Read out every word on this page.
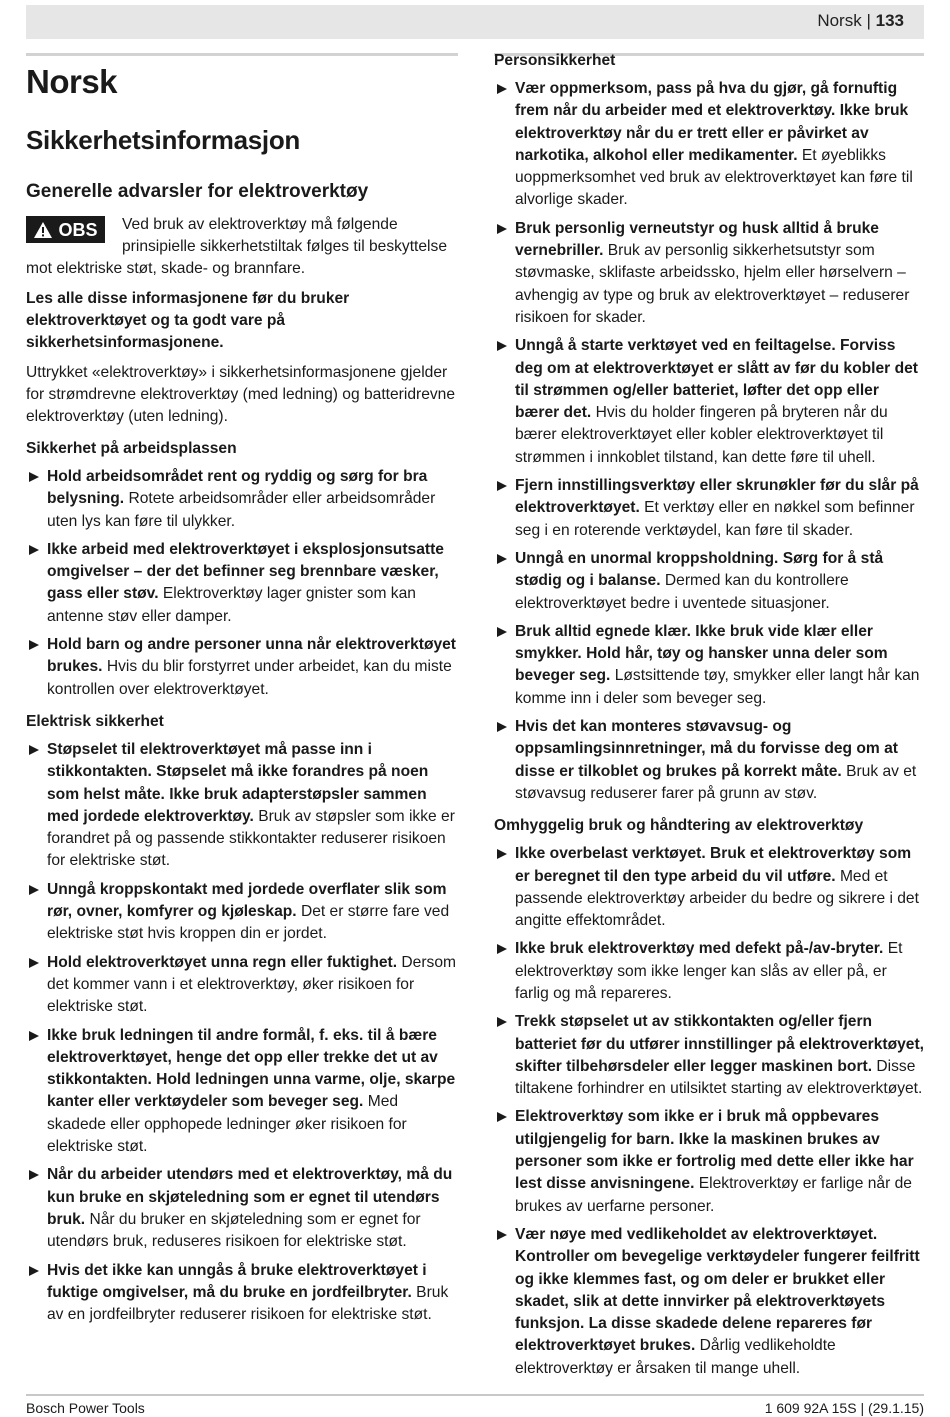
Norsk | 133
Norsk
Sikkerhetsinformasjon
Generelle advarsler for elektroverktøy
OBS Ved bruk av elektroverktøy må følgende prinsipielle sikkerhetstiltak følges til beskyttelse mot elektriske støt, skade- og brannfare.

Les alle disse informasjonene før du bruker elektroverktøyet og ta godt vare på sikkerhetsinformasjonene.

Uttrykket «elektroverktøy» i sikkerhetsinformasjonene gjelder for strømdrevne elektroverktøy (med ledning) og batteridrevne elektroverktøy (uten ledning).

Sikkerhet på arbeidsplassen
Hold arbeidsområdet rent og ryddig og sørg for bra belysning. Rotete arbeidsområder eller arbeidsområder uten lys kan føre til ulykker.
Ikke arbeid med elektroverktøyet i eksplosjonsutsatte omgivelser – der det befinner seg brennbare væsker, gass eller støv. Elektroverktøy lager gnister som kan antenne støv eller damper.
Hold barn og andre personer unna når elektroverktøyet brukes. Hvis du blir forstyrret under arbeidet, kan du miste kontrollen over elektroverktøyet.
Elektrisk sikkerhet
Støpselet til elektroverktøyet må passe inn i stikkontakten. Støpselet må ikke forandres på noen som helst måte. Ikke bruk adapterstøpsler sammen med jordede elektroverktøy. Bruk av støpsler som ikke er forandret på og passende stikkontakter reduserer risikoen for elektriske støt.
Unngå kroppskontakt med jordede overflater slik som rør, ovner, komfyrer og kjøleskap. Det er større fare ved elektriske støt hvis kroppen din er jordet.
Hold elektroverktøyet unna regn eller fuktighet. Dersom det kommer vann i et elektroverktøy, øker risikoen for elektriske støt.
Ikke bruk ledningen til andre formål, f. eks. til å bære elektroverktøyet, henge det opp eller trekke det ut av stikkontakten. Hold ledningen unna varme, olje, skarpe kanter eller verktøydeler som beveger seg. Med skadede eller opphopede ledninger øker risikoen for elektriske støt.
Når du arbeider utendørs med et elektroverktøy, må du kun bruke en skjøteledning som er egnet til utendørs bruk. Når du bruker en skjøteledning som er egnet for utendørs bruk, reduseres risikoen for elektriske støt.
Hvis det ikke kan unngås å bruke elektroverktøyet i fuktige omgivelser, må du bruke en jordfeilbryter. Bruk av en jordfeilbryter reduserer risikoen for elektriske støt.
Personsikkerhet
Vær oppmerksom, pass på hva du gjør, gå fornuftig frem når du arbeider med et elektroverktøy. Ikke bruk elektroverktøy når du er trett eller er påvirket av narkotika, alkohol eller medikamenter. Et øyeblikks uoppmerksomhet ved bruk av elektroverktøyet kan føre til alvorlige skader.
Bruk personlig verneutstyr og husk alltid å bruke vernebriller. Bruk av personlig sikkerhetsutstyr som støvmaske, sklifaste arbeidssko, hjelm eller hørselvern – avhengig av type og bruk av elektroverktøyet – reduserer risikoen for skader.
Unngå å starte verktøyet ved en feiltagelse. Forviss deg om at elektroverktøyet er slått av før du kobler det til strømmen og/eller batteriet, løfter det opp eller bærer det. Hvis du holder fingeren på bryteren når du bærer elektroverktøyet eller kobler elektroverktøyet til strømmen i innkoblet tilstand, kan dette føre til uhell.
Fjern innstillingsverktøy eller skrunøkler før du slår på elektroverktøyet. Et verktøy eller en nøkkel som befinner seg i en roterende verktøydel, kan føre til skader.
Unngå en unormal kroppsholdning. Sørg for å stå stødig og i balanse. Dermed kan du kontrollere elektroverktøyet bedre i uventede situasjoner.
Bruk alltid egnede klær. Ikke bruk vide klær eller smykker. Hold hår, tøy og hansker unna deler som beveger seg. Løstsittende tøy, smykker eller langt hår kan komme inn i deler som beveger seg.
Hvis det kan monteres støvavsug- og oppsamlingsinnretninger, må du forvisse deg om at disse er tilkoblet og brukes på korrekt måte. Bruk av et støvavsug reduserer farer på grunn av støv.
Omhyggelig bruk og håndtering av elektroverktøy
Ikke overbelast verktøyet. Bruk et elektroverktøy som er beregnet til den type arbeid du vil utføre. Med et passende elektroverktøy arbeider du bedre og sikrere i det angitte effektområdet.
Ikke bruk elektroverktøy med defekt på-/av-bryter. Et elektroverktøy som ikke lenger kan slås av eller på, er farlig og må repareres.
Trekk støpselet ut av stikkontakten og/eller fjern batteriet før du utfører innstillinger på elektroverktøyet, skifter tilbehørsdeler eller legger maskinen bort. Disse tiltakene forhindrer en utilsiktet starting av elektroverktøyet.
Elektroverktøy som ikke er i bruk må oppbevares utilgjengelig for barn. Ikke la maskinen brukes av personer som ikke er fortrolig med dette eller ikke har lest disse anvisningene. Elektroverktøy er farlige når de brukes av uerfarne personer.
Vær nøye med vedlikeholdet av elektroverktøyet. Kontroller om bevegelige verktøydeler fungerer feilfritt og ikke klemmes fast, og om deler er brukket eller skadet, slik at dette innvirker på elektroverktøyets funksjon. La disse skadede delene repareres før elektroverktøyet brukes. Dårlig vedlikeholdte elektroverktøy er årsaken til mange uhell.
Bosch Power Tools	1 609 92A 15S | (29.1.15)
